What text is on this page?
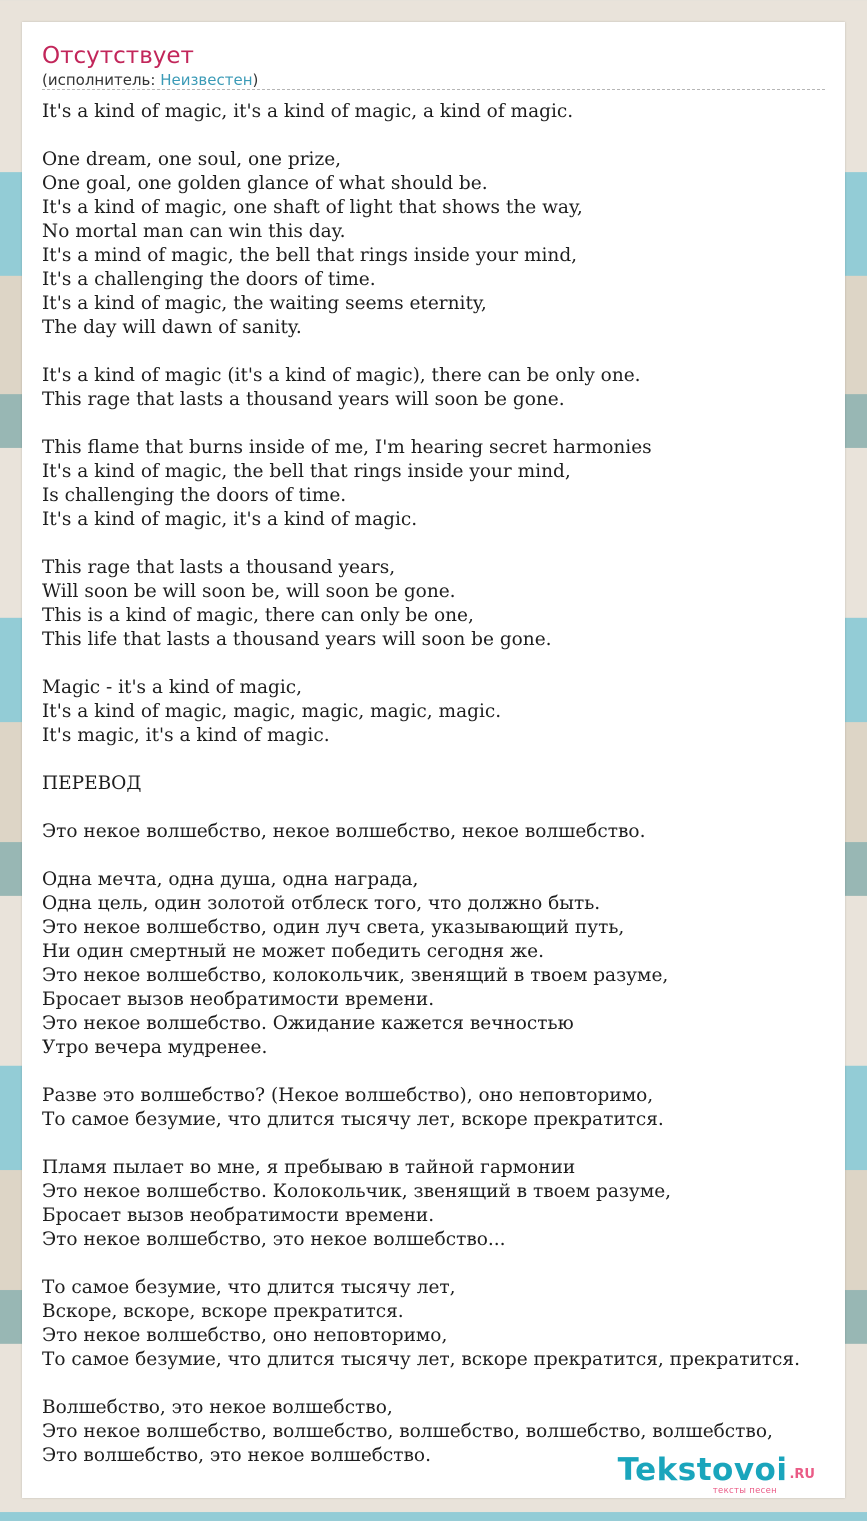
Отсутствует
(исполнитель: Неизвестен)
It's a kind of magic, it's a kind of magic, a kind of magic.

One dream, one soul, one prize,
One goal, one golden glance of what should be.
It's a kind of magic, one shaft of light that shows the way,
No mortal man can win this day.
It's a mind of magic, the bell that rings inside your mind,
It's a challenging the doors of time.
It's a kind of magic, the waiting seems eternity,
The day will dawn of sanity.

It's a kind of magic (it's a kind of magic), there can be only one.
This rage that lasts a thousand years will soon be gone.

This flame that burns inside of me, I'm hearing secret harmonies
It's a kind of magic, the bell that rings inside your mind,
Is challenging the doors of time.
It's a kind of magic, it's a kind of magic.

This rage that lasts a thousand years,
Will soon be will soon be, will soon be gone.
This is a kind of magic, there can only be one,
This life that lasts a thousand years will soon be gone.

Magic - it's a kind of magic,
It's a kind of magic, magic, magic, magic, magic.
It's magic, it's a kind of magic.

ПЕРЕВОД

Это некое волшебство, некое волшебство, некое волшебство.

Одна мечта, одна душа, одна награда,
Одна цель, один золотой отблеск того, что должно быть.
Это некое волшебство, один луч света, указывающий путь,
Ни один смертный не может победить сегодня же.
Это некое волшебство, колокольчик, звенящий в твоем разуме,
Бросает вызов необратимости времени.
Это некое волшебство. Ожидание кажется вечностью
Утро вечера мудренее.

Разве это волшебство? (Некое волшебство), оно неповторимо,
То самое безумие, что длится тысячу лет, вскоре прекратится.

Пламя пылает во мне, я пребываю в тайной гармонии
Это некое волшебство. Колокольчик, звенящий в твоем разуме,
Бросает вызов необратимости времени.
Это некое волшебство, это некое волшебство...

То самое безумие, что длится тысячу лет,
Вскоре, вскоре, вскоре прекратится.
Это некое волшебство, оно неповторимо,
То самое безумие, что длится тысячу лет, вскоре прекратится, прекратится.

Волшебство, это некое волшебство,
Это некое волшебство, волшебство, волшебство, волшебство, волшебство,
Это волшебство, это некое волшебство.	Tekstovoi .RU
тексты песен
